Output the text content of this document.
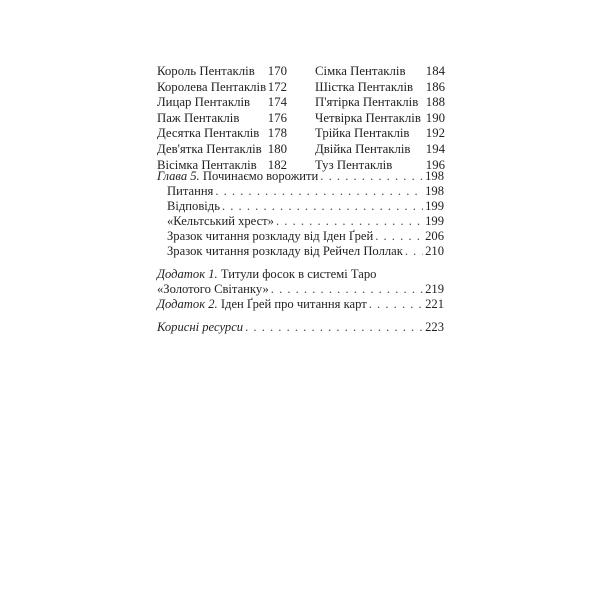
Король Пентаклів 170
Королева Пентаклів 172
Лицар Пентаклів 174
Паж Пентаклів 176
Десятка Пентаклів 178
Дев'ятка Пентаклів 180
Вісімка Пентаклів 182
Сімка Пентаклів 184
Шістка Пентаклів 186
П'ятірка Пентаклів 188
Четвірка Пентаклів 190
Трійка Пентаклів 192
Двійка Пентаклів 194
Туз Пентаклів	196
Глава 5. Починаємо ворожити . . .	198
Питання . . .	198
Відповідь . . .	199
«Кельтський хрест» . . .	199
Зразок читання розкладу від Іден Ґрей . . .	206
Зразок читання розкладу від Рейчел Поллак . . . 210
Додаток 1. Титули фосок в системі Таро
«Золотого Світанку» . . .	219
Додаток 2. Іден Ґрей про читання карт . . .	221
Корисні ресурси . . .	223
